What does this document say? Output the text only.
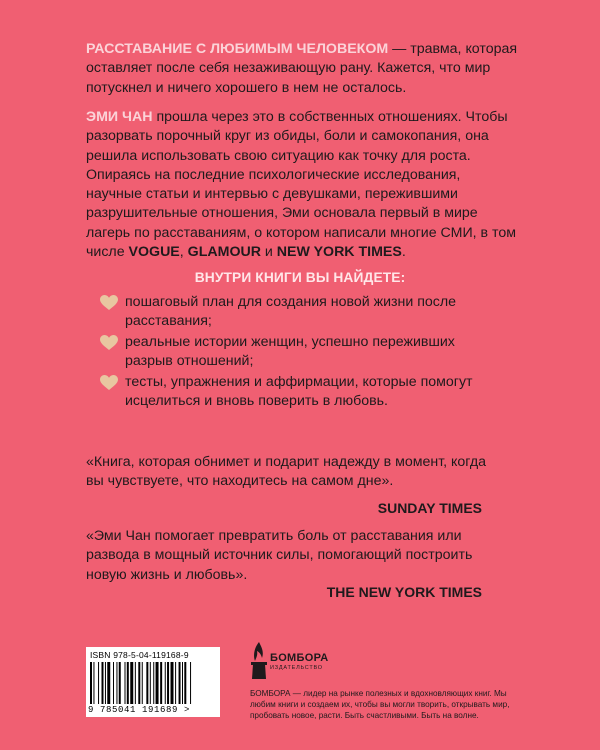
РАССТАВАНИЕ С ЛЮБИМЫМ ЧЕЛОВЕКОМ — травма, которая оставляет после себя незаживающую рану. Кажется, что мир потускнел и ничего хорошего в нем не осталось.

ЭМИ ЧАН прошла через это в собственных отношениях. Чтобы разорвать порочный круг из обиды, боли и самокопания, она решила использовать свою ситуацию как точку для роста. Опираясь на последние психологические исследования, научные статьи и интервью с девушками, пережившими разрушительные отношения, Эми основала первый в мире лагерь по расставаниям, о котором написали многие СМИ, в том числе VOGUE, GLAMOUR и NEW YORK TIMES.

ВНУТРИ КНИГИ ВЫ НАЙДЕТЕ:
пошаговый план для создания новой жизни после расставания;
реальные истории женщин, успешно переживших разрыв отношений;
тесты, упражнения и аффирмации, которые помогут исцелиться и вновь поверить в любовь.

«Книга, которая обнимет и подарит надежду в момент, когда вы чувствуете, что находитесь на самом дне».

SUNDAY TIMES

«Эми Чан помогает превратить боль от расставания или развода в мощный источник силы, помогающий построить новую жизнь и любовь».

THE NEW YORK TIMES
ISBN 978-5-04-119168-9
9 785041 191689 >
БОМБОРА
ИЗДАТЕЛЬСТВО

БОМБОРА — лидер на рынке полезных и вдохновляющих книг. Мы любим книги и создаем их, чтобы вы могли творить, открывать мир, пробовать новое, расти. Быть счастливыми. Быть на волне.
